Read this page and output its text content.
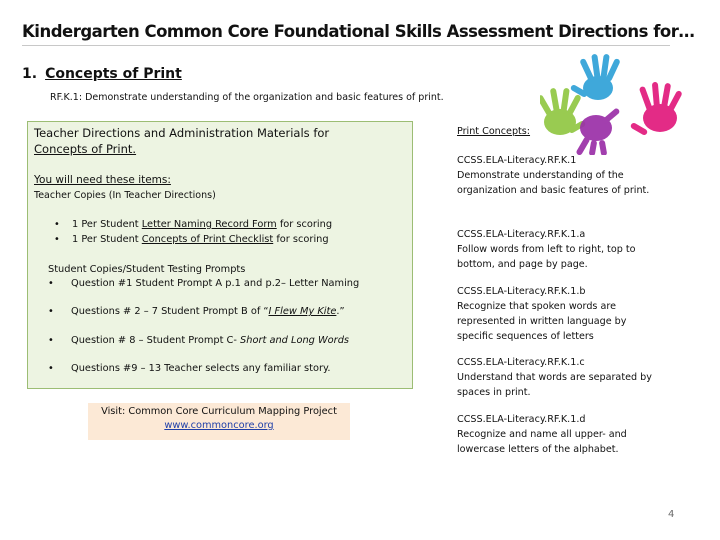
Kindergarten Common Core Foundational Skills Assessment Directions for…
1. Concepts of Print
RF.K.1: Demonstrate understanding of the organization and basic features of print.
Teacher Directions and Administration Materials for
Concepts of Print.
You will need these items:
Teacher Copies (In Teacher Directions)
• 1 Per Student Letter Naming Record Form for scoring
• 1 Per Student Concepts of Print Checklist for scoring
Student Copies/Student Testing Prompts
• Question #1 Student Prompt A p.1 and p.2– Letter Naming
• Questions # 2 – 7 Student Prompt B of “I Flew My Kite.”
• Question # 8 – Student Prompt C- Short and Long Words
• Questions #9 – 13 Teacher selects any familiar story.
Visit: Common Core Curriculum Mapping Project
www.commoncore.org
Print Concepts:
CCSS.ELA-Literacy.RF.K.1
Demonstrate understanding of the organization and basic features of print.
CCSS.ELA-Literacy.RF.K.1.a
Follow words from left to right, top to bottom, and page by page.
CCSS.ELA-Literacy.RF.K.1.b
Recognize that spoken words are represented in written language by specific sequences of letters
CCSS.ELA-Literacy.RF.K.1.c
Understand that words are separated by spaces in print.
CCSS.ELA-Literacy.RF.K.1.d
Recognize and name all upper- and lowercase letters of the alphabet.
4
